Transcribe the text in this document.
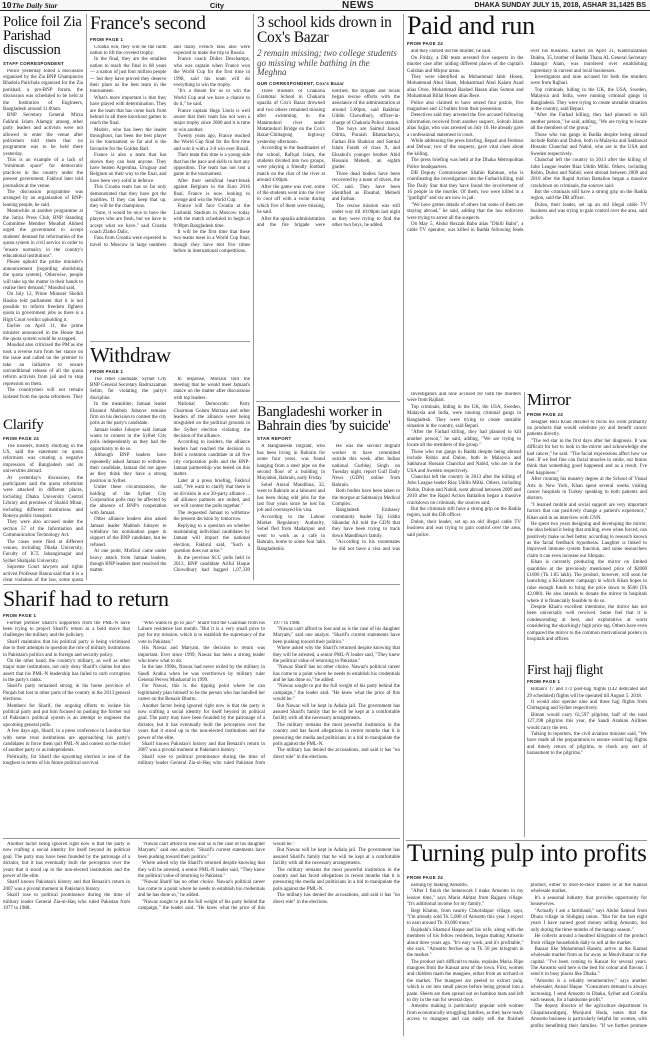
10 The Daily Star	City	NEWS	DHAKA SUNDAY JULY 15, 2018, ASHAR 31,1425 BS
Police foil Zia Parishad discussion
STAFF CORRESPONDENT

Police yesterday foiled a discussion organised by the Zia BNP Ghampiuron Bhadola Parichala organised for the Zia parishad, a pro-BNP forum, the discussion was scheduled to be held at the Institution of Engineers, Bangladesh around 11.00am.

BNP Secretary General Mirza Fakhrul Islam Alamgir among other party leaders and activists were not allowed to enter the venue after policemen told them that no programme was to be held there yesterday.

This is an example of a lack of "minimum space" for democratic practices in the country under the present government, Fakhrul later told journalists at the venue.

The discussion programme was arranged by an organisation of BNP-leaning people, he said.

Meanwhile at another programme at the Jatiya Press Club, BNP Standing Committee Member Moudud Ahmed urged the government to accept students' demand for reformation of the quota system in civil service in order to "ensure normalcy in the country's educational institutions".

Please uphold the prime minister's announcement [regarding abolishing the quota system]. Otherwise, people will take up the matter in their hands to realise their demand," Moudud said.

On July 12, Prime Minister Sheikh Hasina told parliament that it is not possible to reform freedom fighters quota in government jobs as there is a High Court verdict upholding it.

Earlier on April 11, the prime minister announced in the House that the quota system would be scrapped.

Moudud also criticised the PM as she took a reverse turn from her stance on the issue and called on the premier to take an initiative to ensure unconditional release of all the quota reform activists from jail and to stop repression on them.

The countrymen will not remain isolated from the quota reformers. They

Clarify
FROM PAGE 24

The insiders, mostly studying in the US, said the statement on quota reformists was creating a negative impression of Bangladesh and its universities abroad.

At yesterday's discussion, the participants said the quota reformists were attacked in different places, including Dhaka University Central Library and premises of Shahid Minar, including different institutions and Rokeya public transport.

They were also accused under the section 57 of the Information and Communication Technology Act.

The cases were filed at different venues, including Dhaka University, Faculty of ICT, Jahangirnagar and Sylhet Shahjalal University.

Supreme Court lawyers and rights activist Professor Banna said that it is a clear violation of the law, some quota

France's second
FROM PAGE 1

Croatia win, they will be the ninth nation to lift the coveted trophy.

In the final, they are the smallest nation to reach the final in 68 years — a nation of just four million people — but they have proved they deserve their place as the best team in the tournament.

What's more important is that they have played with determination. They are the team that has come back from behind in all three knockout games to reach the final.

Modric, who has been the leader throughout, has been the best player in the tournament so far and is the favourite for the Golden Ball.

France is also a team that has shown they can beat anyone. They have beaten Argentina, Uruguay and Belgium on their way to the final, and have been very solid in defence.

This Croatia team has so far only demonstrated that they have got the qualities. If they can keep that up, they will be the champions.

"Sure, it would be nice to have the players who are fresh, but we have to accept what we have," said Croatia coach Zlatko Dalic.

Fans from Croatia were expected to travel to Moscow in large numbers and many French fans also were expected to make the trip to Russia.

France coach Didier Deschamps, who was captain when France won the World Cup for the first time in 1998, said his team will do everything to win the trophy.

"It's a dream for us to win the World Cup and we have a chance to do it," he said.

France captain Hugo Lloris is well aware that their team has not won a major trophy since 2000 and it is time to win another.

Twenty years ago, France reached the World Cup final for the first time and won it with a 3-0 win over Brazil.

Their team this time is a young side that has the pace and skills to hurt any opposition. The team has not lost a game in the tournament.

After their semifinal heart-break against Belgium in the Euro 2016 final, France is now looking to avenge and win the World Cup.

France will face Croatia at the Luzhniki Stadium in Moscow today with the match scheduled to begin at 9:00pm Bangladesh time.

It will be the first time that these two teams meet in a World Cup final, though they have met five times before in international competitions.

Withdraw
FROM PAGE 1

The rebel candidate, Sylhet City BNP General Secretary Badruzzaman Selim, for violating the party's discipline.

In the meantime, Jamaat leader Ehsanul Mahbub Jubayer remains firm on his decision to contest the city polls as the party's candidate.

Jamaat leader Jubayer said Jamaat wants to contest in the Sylhet City polls independently as they had the opportunity to do so.

Although BNP leaders have repeatedly asked Jamaat to withdraw their candidate, Jamaat did not agree as they think they have a strong position in Sylhet.

Under these circumstances, the holding of the Sylhet City Corporation polls may be affected by the absence of BNP's cooperation with Jamaat.

Other alliance leaders also asked Jamaat leader Mahbub Jubayer to withdraw his nomination paper in support of the BNP candidate, but he refused.

At one point, Mofizul came under heavy attack from Jamaat leaders, though BNP leaders later resolved the matter.

In response, Mofizul told the meeting that he would meet Jamaat's stance on the matter after discussions with top leaders.

National Democratic Party Chairman Golam Mortaza and other leaders of the alliance were being misguided on the political grounds in the Sylhet election violating the decision of the alliance.

According to insiders, the alliance leaders had reached the decision to field a common candidate in all five city corporation polls and the BNP-Jamaat partnership was tested on this matter.

Later at a press briefing, Fakhrul said, "We want to clarify that there is no division in our 20-party alliance ... all alliance partners are united, and we will contest the polls together."

The requested Jamaat to withdraw the present decision by tomorrow.

Replying to a question on whether maintaining individual candidates by Jamaat will impact the national election, Fakhrul said, "Such a question does not arise."

In the previous SCC polls held in 2013, BNP candidate Ariful Haque Chowdhury had bagged 1,07,330

Sharif had to return
FROM PAGE 1

Former premier Sharif's supporters from the PML-N have been trying to project Sharif's return as a bold move that challenges the military and the judiciary.

Sharif maintains that his political party is being victimised due to their attempts to question the role of military institutions in Pakistan's politics and in foreign and security policy.

On the other hand, the country's military, as well as other major state institutions, not only deny Sharif's claims but also assert that his PML-N leadership has failed to curb corruption in the party's ranks.

Sharif's party remained strong in his home province of Punjab but lost in other parts of the country in the 2013 general elections.

Members for Sharif, the ongoing efforts to isolate his political party and put him focused on pushing the former out of Pakistan's political system is an attempt to engineer the upcoming general polls.

A few days ago, Sharif, in a press conference in London that with some trust institutions are approaching his party's candidates to force them quit PML-N and contest on the ticket of another party or as independents.

Politically, for Sharif the upcoming election is one of the toughest in terms of his future political survival.

"Who wants to go to jail?" Sharif told the Guardian from his Lahore residence last month. "But it is a very small price to pay for my mission, which is to establish the supremacy of the vote in Pakistan."

His Nawaz and Maryam, the decision to return was important. Ever since 1999, Nawaz has been a strong leader who knew what to do.

In the late 1990s, Nawaz had never exiled by the military in Saudi Arabia when he was overthrown by military ruler General Pervez Musharraf in 1999.

For Nawaz, this is the tipping point where he can legitimately plan himself to be the person who has handled her career on the Benazir Bhutto.

Another factor being ignored right now is that the party is now crafting a social identity for itself beyond its political goal. The party may have been founded by the patronage of a dictator, but it has eventually built the perception over the years that it stood up to the non-elected institutions and the power of the elite.

Sharif knows Pakistan's history and that Benazir's return in 2007 was a pivotal moment in Pakistan's history.

Sharif rose to political prominence during the time of military leader General Zia-ul-Haq who ruled Pakistan from 1977 to 1988.

"Nawaz can't afford to lose and so is the case of his daughter Maryam," said one analyst. "Sharif's current statements have been pushing toward their politics."

Where asked why the Sharif's returned despite knowing that they will be arrested, a senior PML-N leader said, "They knew the political value of returning to Pakistan."

"Nawaz Sharif has no other choice. Nawaz's political career has come to a point where he needs to establish his credentials and he has done so," he added.

"Nawaz sought to put the full weight of his party behind the campaign," the leader said. "He knew what the price of this would be."

But Nawaz will be kept in Adiala jail. The government has assured Sharif's family that he will be kept at a comfortable facility with all the necessary arrangements.

The military remains the most powerful institution in the country and has faced allegations in recent months that it is pressuring the media and politicians in a bid to manipulate the polls against the PML-N.

The military has denied the accusations, and said it has "no direct role" in the elections.

3 school kids drown in Cox's Bazar
2 remain missing; two college students go missing while bathing in the Meghna
OUR CORRESPONDENT, Cox's Bazar

Three students of Chakaria Grammar School in Chakaria upazila of Cox's Bazar drowned and two others remained missing after swimming in the Matamuhuri river under Matamuhuri Bridge on the Cox's Bazar-Chittagong highway yesterday afternoon.

According to the headmaster of the school, Rafiqul Islam, the students divided into two groups, were playing a friendly football match on the char of the river at around 4:00pm.

After the game was over, some of the students went into the river to cool off with a swim during which five of them were missing, he said.

After the upazila administration and the fire brigade were notified, the brigade and locals began rescue efforts with the assistance of the administration at around 5:00pm, said Bakhtiar Uddin Chowdhury, officer-in-charge of Chakaria Police station.

The boys are Saimul Jawad Odrita, Puraish Bhattacharya, Farhan Bin Shahriar and Samiul Islam Farabi of class X, and Ehsahul's younger brother Abid Hossain Mehedi, an eighth grader.

Three dead bodies have been recovered by a team of divers, the OC said. They have been identified as Ehsahul, Mehedi and Farhan.

The rescue mission was still under way till 10:00pm last night as they were trying to find the other two boys, he added.

Bangladeshi worker in Bahrain dies 'by suicide'
STAR REPORT

A Bangladeshi migrant, who has been living in Bahrain for some four years, was found hanging from a steel pipe on the second floor of a building in Muyamni, Bahrain, early Friday.

Sohel Anisul Mandibua, 32, went to Bahrain as a labourer and has been doing odd jobs for the last four years since he lost his job and overstayed his visa.

According to the Labour Market Regulatory Authority, Sohel fled from Madaripur and went to work as a cafe in Bahrain, home to some four lakh Bangladeshis.

He was the second migrant worker to have committed suicide this week, after Indian national Gurbhej Singh on Tuesday night, report Gulf Daily News (GDN) online from Bahrain.

Both bodies have been taken to the morgue at Salmaniya Medical Complex.

Bangladesh Embassy community leader Taj Uddin Sikandar Ali told the GDN that they have been trying to track down Mandibua's family.

"According to his roommates he did not have a visa and was

Paid and run
FROM PAGE 24

and they carried out the murder, he said.

On Friday, a DB team arrested five suspects in the murder case after raiding different places of the capital's Gulshan and Mirpur areas.

They were identified as Mohammad Jabir Hosen, Mohammad Abul Sham, Mohammad Abul Kalam Azad alias Ovee, Mohammad Rashed Hasan alias Sumon and Mohammad Billal Hosen alias Bece.

Police also claimed to have seized four pistols, five magazines and 12 bullets from their possession.

Detectives said they arrested the five accused following information received from another suspect, Sohrab Islam alias Sajjat, who was arrested on July 10. He already gave a confessional statement in court.

While addressing the press briefing, Bepari and Ferdous and Delwar, two of the suspects, gave vital clues about the killing.

The press briefing was held at the Dhaka Metropolitan Police headquarters.

DB Deputy Commissioner Shahin Rahman, who is coordinating the investigation into the Farhad killing, told The Daily Star that they have found the involvement of 16 people in the murder. Of them, two were killed in a "gunfight" and six are now in jail.

"We have gotten details of others but some of them are staying abroad," he said, adding that the law enforcers were trying to arrest all the suspects.

On May 5, Abdur Rezzak Babu alias "Dhilli Babu", a cable TV operator, was killed in Badda following feuds over his business. Earlier on April 21, Kamruzzaman Dukhu, 35, brother of Badda Thana AL General Secretary Jahangir Alam, was murdered over establishing supremacy in current and local businesses.

Investigators and nine accused for both the murders were from Rajbari.

Top criminals, hiding in the UK, the USA, Sweden, Malaysia and India, were running criminal gangs in Bangladesh. They were trying to create unstable situation in the country, said Bepari.

"After the Farhad killing, they had planned to kill another person," he said, adding, "We are trying to locate all the members of the group."

Those who run gangs in Badda despite being abroad include Robin and Dulon, both in Malaysia and Sakhawat Hossain Chanchal and Nabid, who are in the USA and Sweden respectively.

Chanchal left the country in 2013 after the killing of Jubo League leader Riaz Uddin Milki. Others, including Robin, Dulon and Nabid, went abroad between 2009 and 2010 after the Rapid Action Battalion began a massive crackdown on criminals, the sources said.

But the criminals still have a strong grip on the Badda region, said the DB officer.

Dulon, their leader, set up an old illegal cable TV business and was trying to gain control over the area, said police.

Mirror
FROM PAGE 24

designer Rezi Khan decided to focus his work primarily on products that would celebrate joy and benefit cancer patients directly.

"The red star in the first days after her diagnosis. It was difficult for her to look in the mirror and acknowledge she had cancer," he said. "The facial expressions affect how we feel. If we feel fine can facial muscles to smile, our brains think that something good happened and as a result, I've feel happiness."

After running his mastery degree at the School of Visual Arts in New York, Khan spent several weeks visiting cancer hospitals in Turkey speaking to both patients and doctors.

"I learned mobile and social support are very important factors that can positively change a patient's experience," Khan said in an interview with CNN.

He spent two years designing and developing the mirror, the idea behind it being that smiling, even when forced, can positively make us feel better, according to research known as the facial feedback hypothesis. Laughter is linked to improved immune system function, and some researchers claim it can even increase our lifespan.

Khan is currently producing the mirror on limited quantities at the previously mentioned price of $2000 £1000 (Tk 1.85 lakh). The product, however, will soon be launching a Kickstarter campaign in which Khan hopes to raise enough funds to bring the price down to $500 (Tk 42,000). He also intends to donate the mirror to hospitals where it is financially feasible to do so.

Despite Khan's excellent intentions, the mirror has not been universally well received. Some feel that it is condescending at best, and exploitative at worst considering the shockingly high price tag. Others have even compared the mirror to the common motivational posters in hospitals and offices.

First hajj flight
FROM PAGE 1

Biman's 17 and 172 post-hajj flights (142 dedicated and 29 scheduled) flights will be operated till August 5. 2018.

It would also operate nine and three hajj flights from Chittagong and Sylhet respectively.

Biman would carry 61,597 pilgrims, half of the total 127,198 pilgrims this year, the Saudi Arabian Airlines would carry the rest.

Talking to reporters, the civil aviation minister said, "We have made all the preparations to ensure sound hajj flights and timely return of pilgrims, to check any sort of harassment to the pilgrims."

Investigators and nine accused for both the murders were from Rajbari.

Top criminals, hiding in the UK, the USA, Sweden, Malaysia and India, were running criminal gangs in Bangladesh. They were trying to create unstable situation in the country, said Bepari.

"After the Farhad killing, they had planned to kill another person," he said, adding, "We are trying to locate all the members of the group."

Those who run gangs in Badda despite being abroad include Robin and Dulon, both in Malaysia and Sakhawat Hossain Chanchal and Nabid, who are in the USA and Sweden respectively.

Chanchal left the country in 2013 after the killing of Jubo League leader Riaz Uddin Milki. Others, including Robin, Dulon and Nabid, went abroad between 2009 and 2010 after the Rapid Action Battalion began a massive crackdown on criminals, the sources said.

But the criminals still have a strong grip on the Badda region, said the DB officer.

Dulon, their leader, set up an old illegal cable TV business and was trying to gain control over the area, said police.

Turning pulp into profits
FROM PAGE 24

earning by making Amsotto.

"After I finish the homework I make Amsotto in my leisure time," says Maria Akhtar from Rajpara village. "It's additional income for my family."

Begi Khatun, from nearby Chhotidapur village, says, "I'm already sold Tk 5,000 of Amsotto this year. I expect to earn around Tk 10,000 more."

Rajshahi's Shamsul Haque and his wife, along with the members of his fellow residents, began making Amsotto about three years ago. "It's easy work, and it's profitable," she says. "Amsotto fetches up to Tk 50 per kilogram in the market."

The product isn't difficult to make, explains Maria. Ripe mangoes from the Kansat area of the town. First, women and children mash the mangoes, either from an orchard or the market. The mangoes are peeled to extract pulp, which is cut into small pieces before being ground into a paste. Sheets are then spread out on bamboo mats and left to dry in the sun for several days.

Amsotto making is particularly popular with women from economically struggling families, as they have ready access to mangoes and can easily sell the finished product, either to door-to-door traders or at the Kansat wholesale market.

It's a seasonal industry that provides opportunity for housewives.

"Actually I am a farmhand," says Abdul Samsul from Dhara village in Shibganj union. "But for the last eight years I have earned good money selling Amsotto, but only during the three months of the mango season."

He collects around a hundred kilograms of the product from village households daily to sell at the market.

Bazaar like Mohammad Hasem, arrive at the Kansat wholesale market from as far away as Moulvibazar or the capital. "I've been coming to Kansat for several years. The Amsotto sold here is the best for colour and flavour. I send it to busy places like Dhaka."

"Amsotto is a reliably renumerative," says another wholesaler, Anisul Haque. "Consumers demand is always increasing. I send Amsotto to Dhaka, Sylhet and Comilla each season, for a handsome profit."

The deputy director of the agriculture department in Chapainawabganj, Monjurul Huda, notes that the Amsotto business is particularly helpful for women, with profits benefitting their families. "If we further promote

Another factor being ignored right now is that the party is now crafting a social identity for itself beyond its political goal. The party may have been founded by the patronage of a dictator, but it has eventually built the perception over the years that it stood up to the non-elected institutions and the power of the elite.

Sharif knows Pakistan's history and that Benazir's return in 2007 was a pivotal moment in Pakistan's history.

Sharif rose to political prominence during the time of military leader General Zia-ul-Haq who ruled Pakistan from 1977 to 1988.

"Nawaz can't afford to lose and so is the case of his daughter Maryam," said one analyst. "Sharif's current statements have been pushing toward their politics."

Where asked why the Sharif's returned despite knowing that they will be arrested, a senior PML-N leader said, "They knew the political value of returning to Pakistan."

"Nawaz Sharif has no other choice. Nawaz's political career has come to a point where he needs to establish his credentials and he has done so," he added.

"Nawaz sought to put the full weight of his party behind the campaign," the leader said. "He knew what the price of this would be."

But Nawaz will be kept in Adiala jail. The government has assured Sharif's family that he will be kept at a comfortable facility with all the necessary arrangements.

The military remains the most powerful institution in the country and has faced allegations in recent months that it is pressuring the media and politicians in a bid to manipulate the polls against the PML-N.

The military has denied the accusations, and said it has "no direct role" in the elections.
